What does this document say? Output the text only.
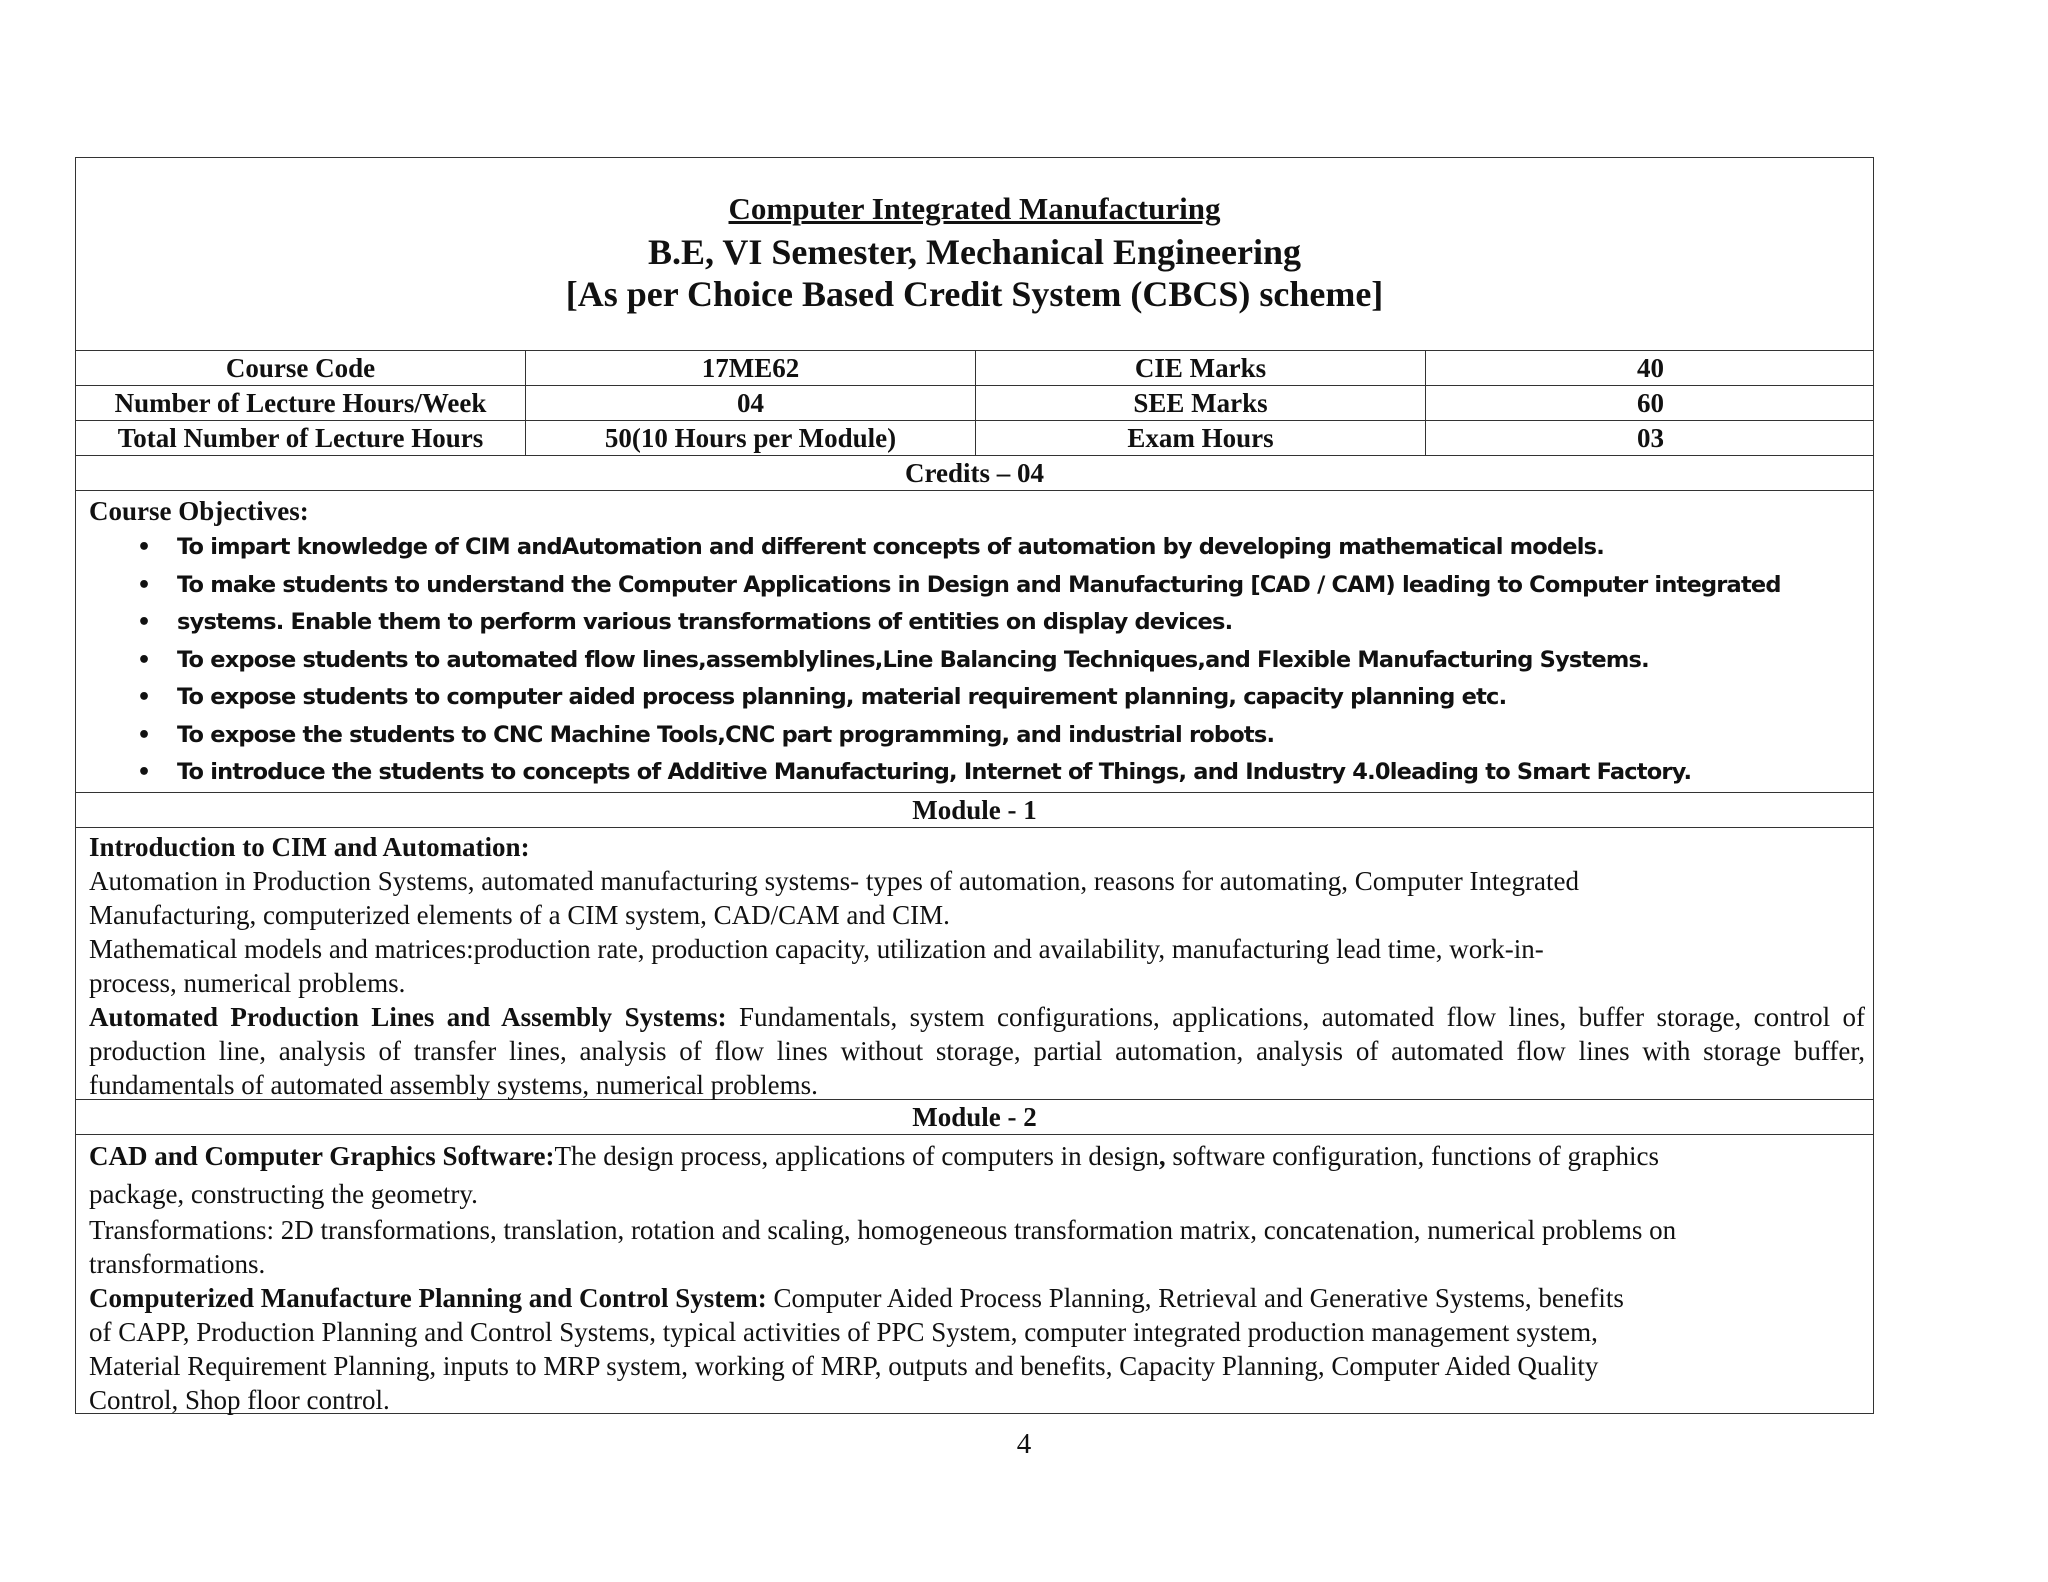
Computer Integrated Manufacturing
B.E, VI Semester, Mechanical Engineering
[As per Choice Based Credit System (CBCS) scheme]
Course Code	17ME62	CIE Marks	40
Number of Lecture Hours/Week	04	SEE Marks	60
Total Number of Lecture Hours	50(10 Hours per Module)	Exam Hours	03
Credits – 04
Course Objectives:
• To impart knowledge of CIM andAutomation and different concepts of automation by developing mathematical models.
• To make students to understand the Computer Applications in Design and Manufacturing [CAD / CAM) leading to Computer integrated
• systems. Enable them to perform various transformations of entities on display devices.
• To expose students to automated flow lines,assemblylines,Line Balancing Techniques,and Flexible Manufacturing Systems.
• To expose students to computer aided process planning, material requirement planning, capacity planning etc.
• To expose the students to CNC Machine Tools,CNC part programming, and industrial robots.
• To introduce the students to concepts of Additive Manufacturing, Internet of Things, and Industry 4.0leading to Smart Factory.
Module - 1

Introduction to CIM and Automation:

Automation in Production Systems, automated manufacturing systems- types of automation, reasons for automating, Computer Integrated

Manufacturing, computerized elements of a CIM system, CAD/CAM and CIM.

Mathematical models and matrices:production rate, production capacity, utilization and availability, manufacturing lead time, work-in-

process, numerical problems.

Automated Production Lines and Assembly Systems: Fundamentals, system configurations, applications, automated flow lines, buffer storage, control of production line, analysis of transfer lines, analysis of flow lines without storage, partial automation, analysis of automated flow lines with storage buffer, fundamentals of automated assembly systems, numerical problems.

Module - 2

CAD and Computer Graphics Software:The design process, applications of computers in design, software configuration, functions of graphics

package, constructing the geometry.

Transformations: 2D transformations, translation, rotation and scaling, homogeneous transformation matrix, concatenation, numerical problems on

transformations.

Computerized Manufacture Planning and Control System: Computer Aided Process Planning, Retrieval and Generative Systems, benefits

of CAPP, Production Planning and Control Systems, typical activities of PPC System, computer integrated production management system,

Material Requirement Planning, inputs to MRP system, working of MRP, outputs and benefits, Capacity Planning, Computer Aided Quality

Control, Shop floor control.

4
